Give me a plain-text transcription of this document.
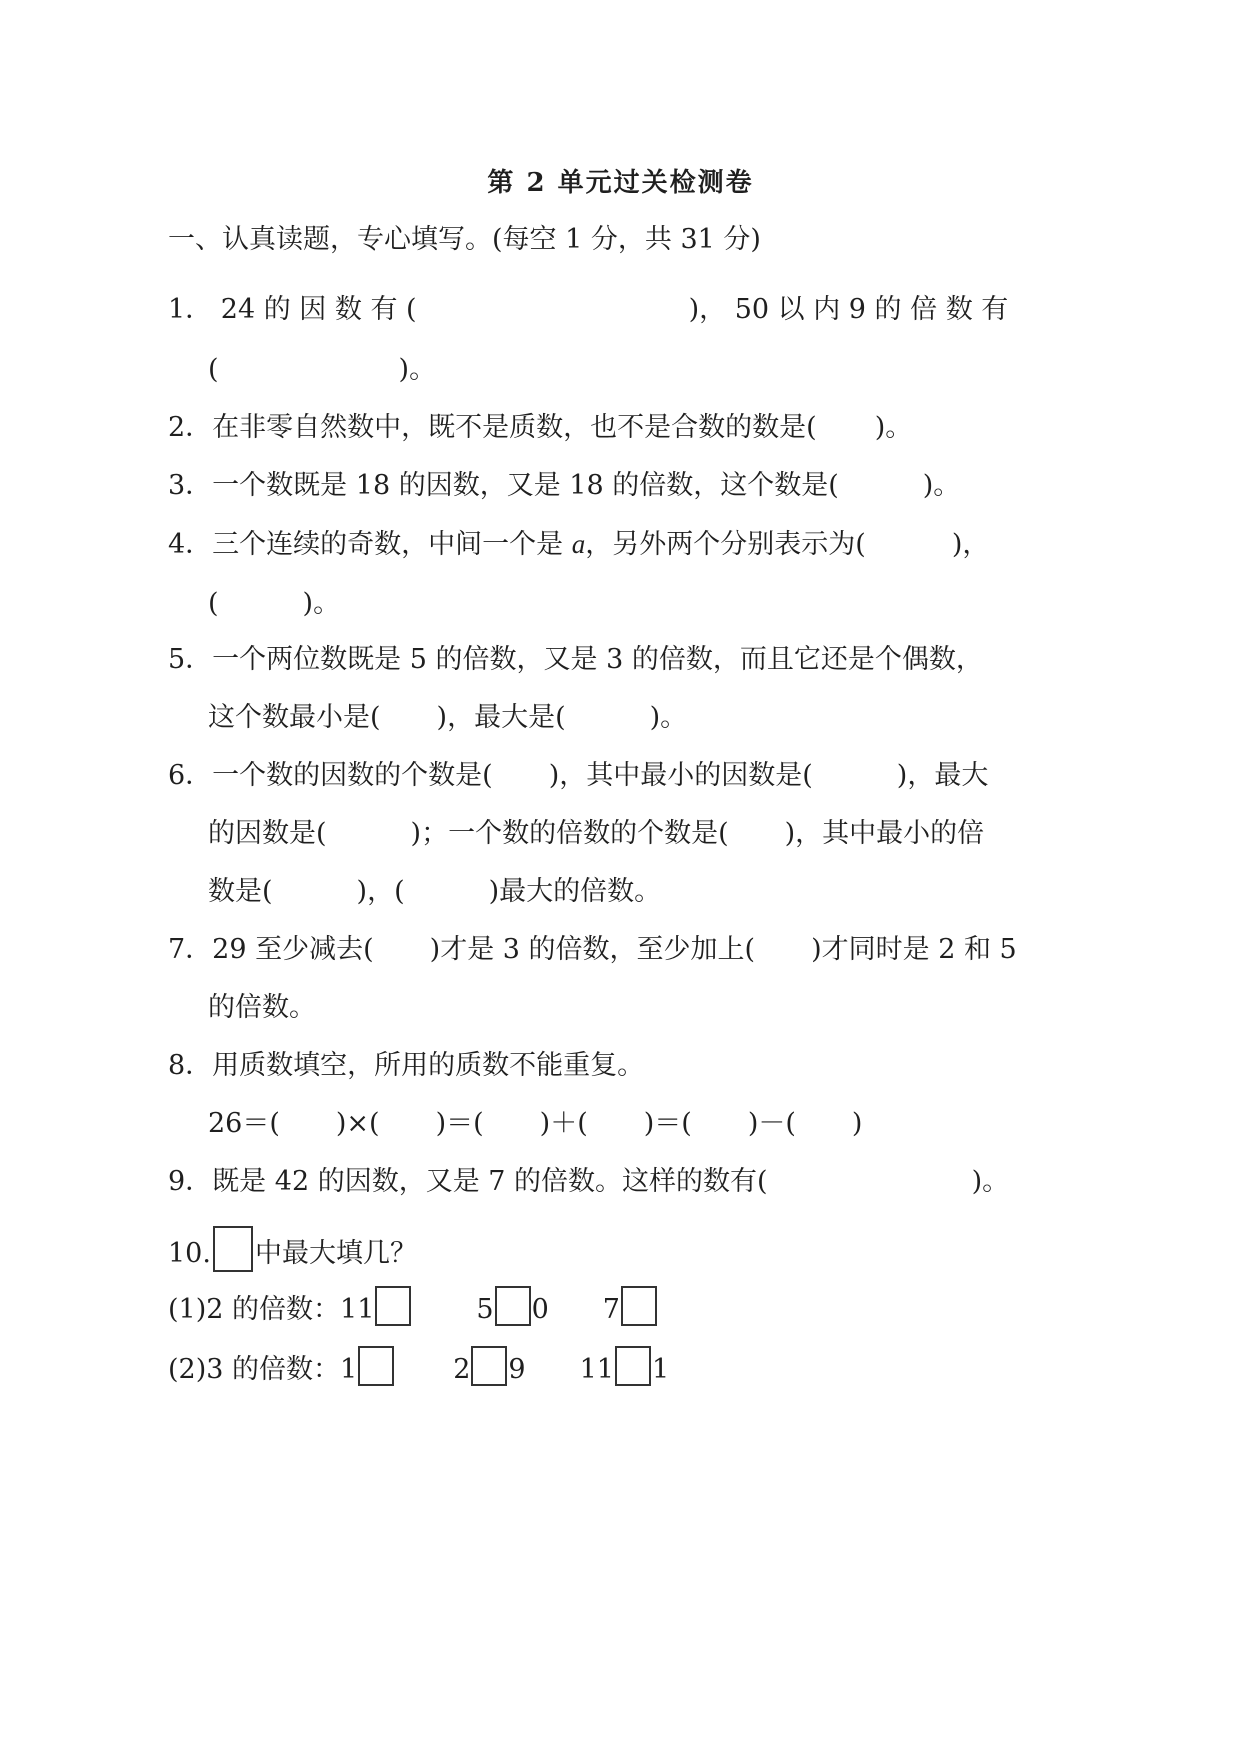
第 2 单元过关检测卷
一、认真读题，专心填写。(每空 1 分，共 31 分)
1． 24 的 因 数 有 (	)， 50 以 内 9 的 倍 数 有
(	)。
2．在非零自然数中，既不是质数，也不是合数的数是( )。
3．一个数既是 18 的因数，又是 18 的倍数，这个数是(	)。
4．三个连续的奇数，中间一个是 a，另外两个分别表示为(	)，
(	)。
5．一个两位数既是 5 的倍数，又是 3 的倍数，而且它还是个偶数，
这个数最小是( )，最大是(	)。
6．一个数的因数的个数是( )，其中最小的因数是(	)，最大
的因数是(	)；一个数的倍数的个数是( )，其中最小的倍
数是(	)，(	)最大的倍数。
7．29 至少减去( )才是 3 的倍数，至少加上( )才同时是 2 和 5
的倍数。
8．用质数填空，所用的质数不能重复。
26＝( )×( )＝( )＋( )＝( )－( )
9．既是 42 的因数，又是 7 的倍数。这样的数有(	)。
10. 中最大填几？
(1)2 的倍数：11	5 0 7
(2)3 的倍数：1	2 9 11 1
